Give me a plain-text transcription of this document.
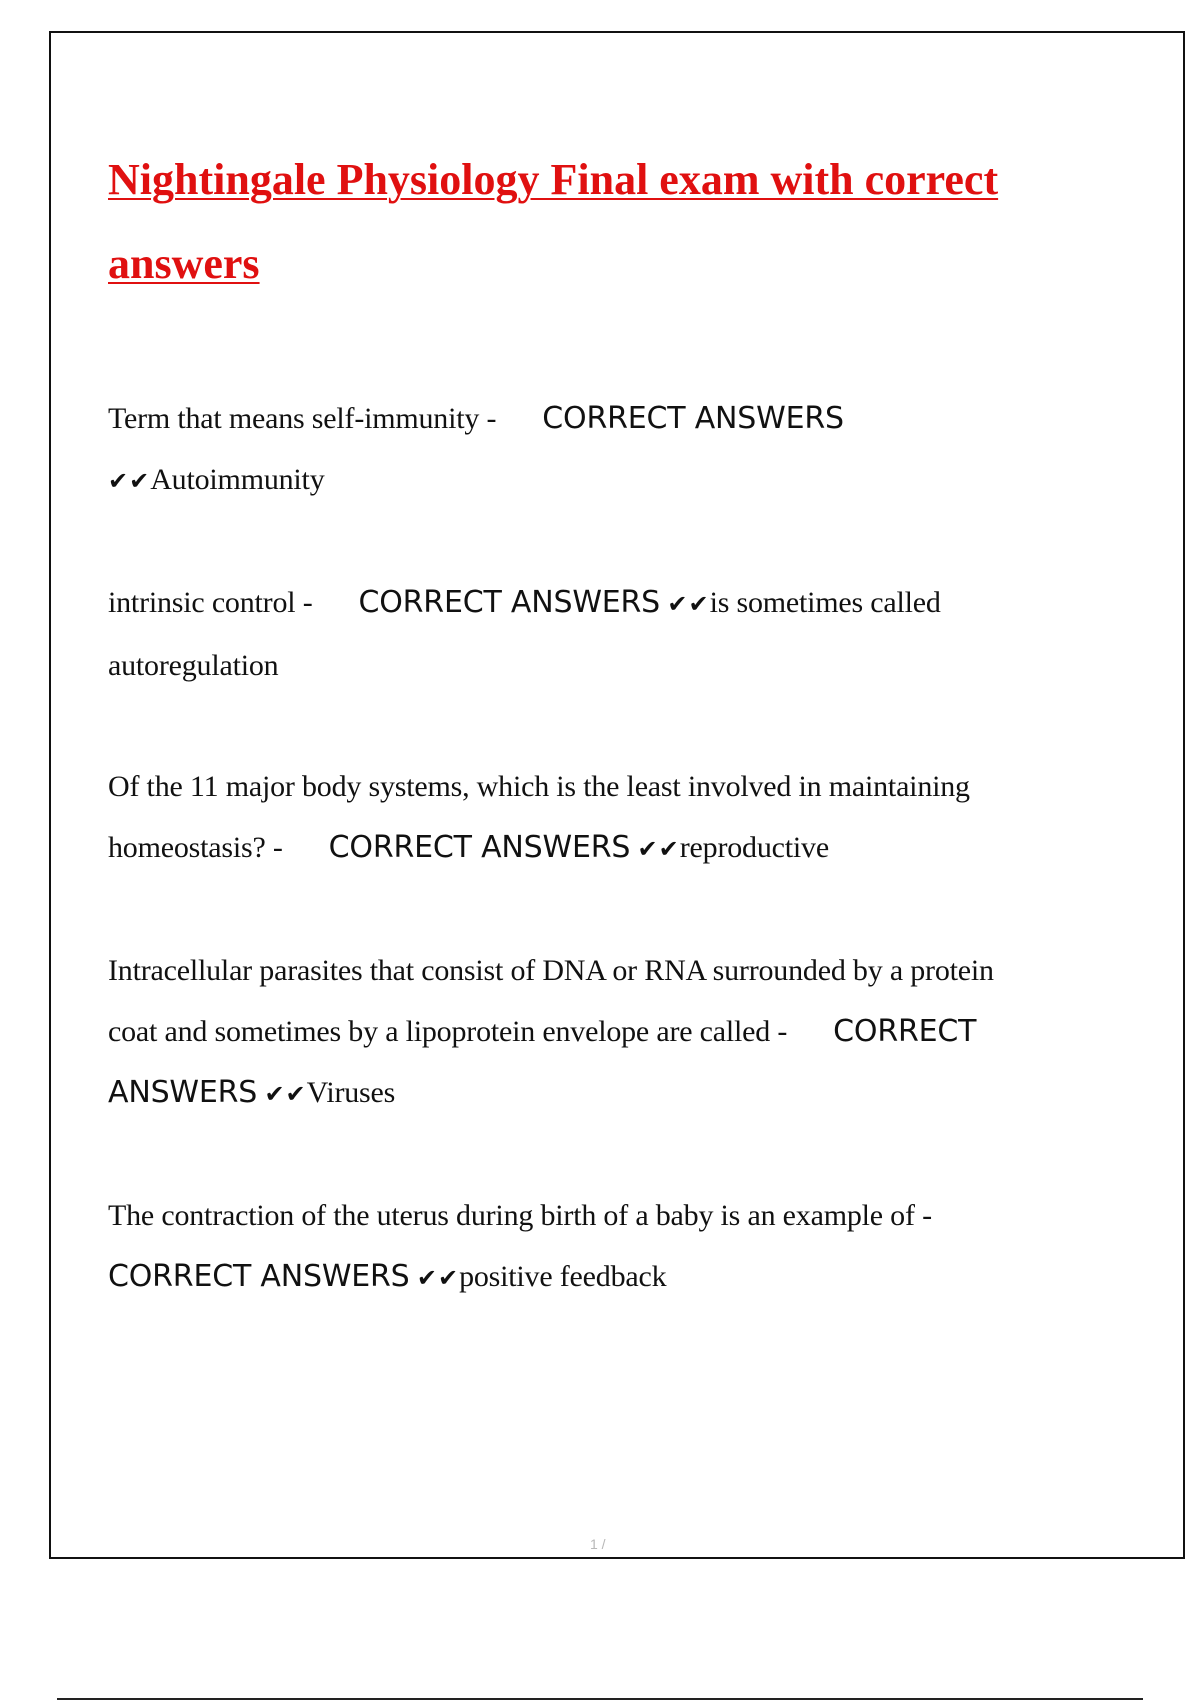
Nightingale Physiology Final exam with correct answers

Term that means self-immunity - CORRECT ANSWERS ✔✔Autoimmunity

intrinsic control - CORRECT ANSWERS ✔✔is sometimes called autoregulation

Of the 11 major body systems, which is the least involved in maintaining homeostasis? - CORRECT ANSWERS ✔✔reproductive

Intracellular parasites that consist of DNA or RNA surrounded by a protein coat and sometimes by a lipoprotein envelope are called - CORRECT ANSWERS ✔✔Viruses

The contraction of the uterus during birth of a baby is an example of -CORRECT ANSWERS ✔✔positive feedback

1 /
